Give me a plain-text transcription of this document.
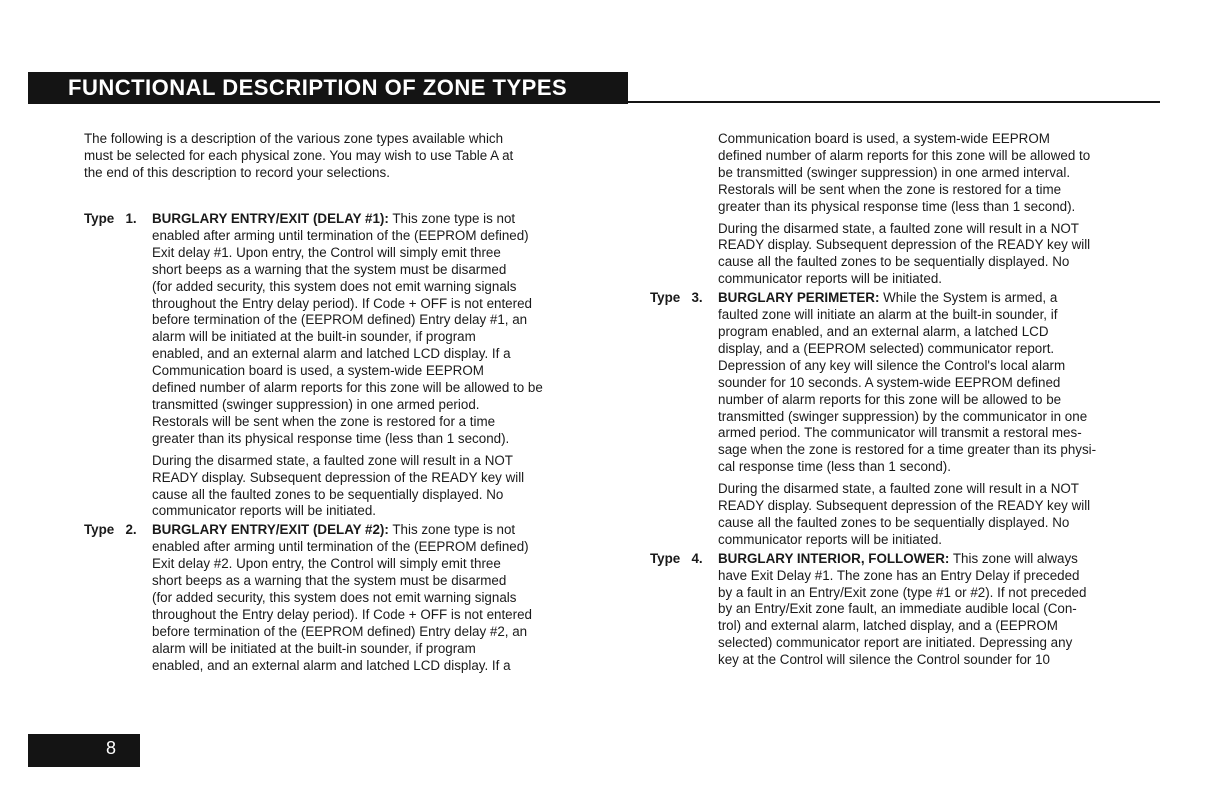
FUNCTIONAL DESCRIPTION OF ZONE TYPES

The following is a description of the various zone types available which

must be selected for each physical zone. You may wish to use Table A at

the end of this description to record your selections.

Type 1. BURGLARY ENTRY/EXIT (DELAY #1): This zone type is not

enabled after arming until termination of the (EEPROM defined)

Exit delay #1. Upon entry, the Control will simply emit three

short beeps as a warning that the system must be disarmed

(for added security, this system does not emit warning signals

throughout the Entry delay period). If Code + OFF is not entered

before termination of the (EEPROM defined) Entry delay #1, an

alarm will be initiated at the built-in sounder, if program

enabled, and an external alarm and latched LCD display. If a

Communication board is used, a system-wide EEPROM

defined number of alarm reports for this zone will be allowed to be

transmitted (swinger suppression) in one armed period.

Restorals will be sent when the zone is restored for a time

greater than its physical response time (less than 1 second).

During the disarmed state, a faulted zone will result in a NOT

READY display. Subsequent depression of the READY key will

cause all the faulted zones to be sequentially displayed. No

communicator reports will be initiated.

Type 2. BURGLARY ENTRY/EXIT (DELAY #2): This zone type is not

enabled after arming until termination of the (EEPROM defined)

Exit delay #2. Upon entry, the Control will simply emit three

short beeps as a warning that the system must be disarmed

(for added security, this system does not emit warning signals

throughout the Entry delay period). If Code + OFF is not entered

before termination of the (EEPROM defined) Entry delay #2, an

alarm will be initiated at the built-in sounder, if program

enabled, and an external alarm and latched LCD display. If a

Communication board is used, a system-wide EEPROM

defined number of alarm reports for this zone will be allowed to

be transmitted (swinger suppression) in one armed interval.

Restorals will be sent when the zone is restored for a time

greater than its physical response time (less than 1 second).

During the disarmed state, a faulted zone will result in a NOT

READY display. Subsequent depression of the READY key will

cause all the faulted zones to be sequentially displayed. No

communicator reports will be initiated.

Type 3. BURGLARY PERIMETER: While the System is armed, a

faulted zone will initiate an alarm at the built-in sounder, if

program enabled, and an external alarm, a latched LCD

display, and a (EEPROM selected) communicator report.

Depression of any key will silence the Control's local alarm

sounder for 10 seconds. A system-wide EEPROM defined

number of alarm reports for this zone will be allowed to be

transmitted (swinger suppression) by the communicator in one

armed period. The communicator will transmit a restoral mes-

sage when the zone is restored for a time greater than its physi-

cal response time (less than 1 second).

During the disarmed state, a faulted zone will result in a NOT

READY display. Subsequent depression of the READY key will

cause all the faulted zones to be sequentially displayed. No

communicator reports will be initiated.

Type 4. BURGLARY INTERIOR, FOLLOWER: This zone will always

have Exit Delay #1. The zone has an Entry Delay if preceded

by a fault in an Entry/Exit zone (type #1 or #2). If not preceded

by an Entry/Exit zone fault, an immediate audible local (Con-

trol) and external alarm, latched display, and a (EEPROM

selected) communicator report are initiated. Depressing any

key at the Control will silence the Control sounder for 10

8
